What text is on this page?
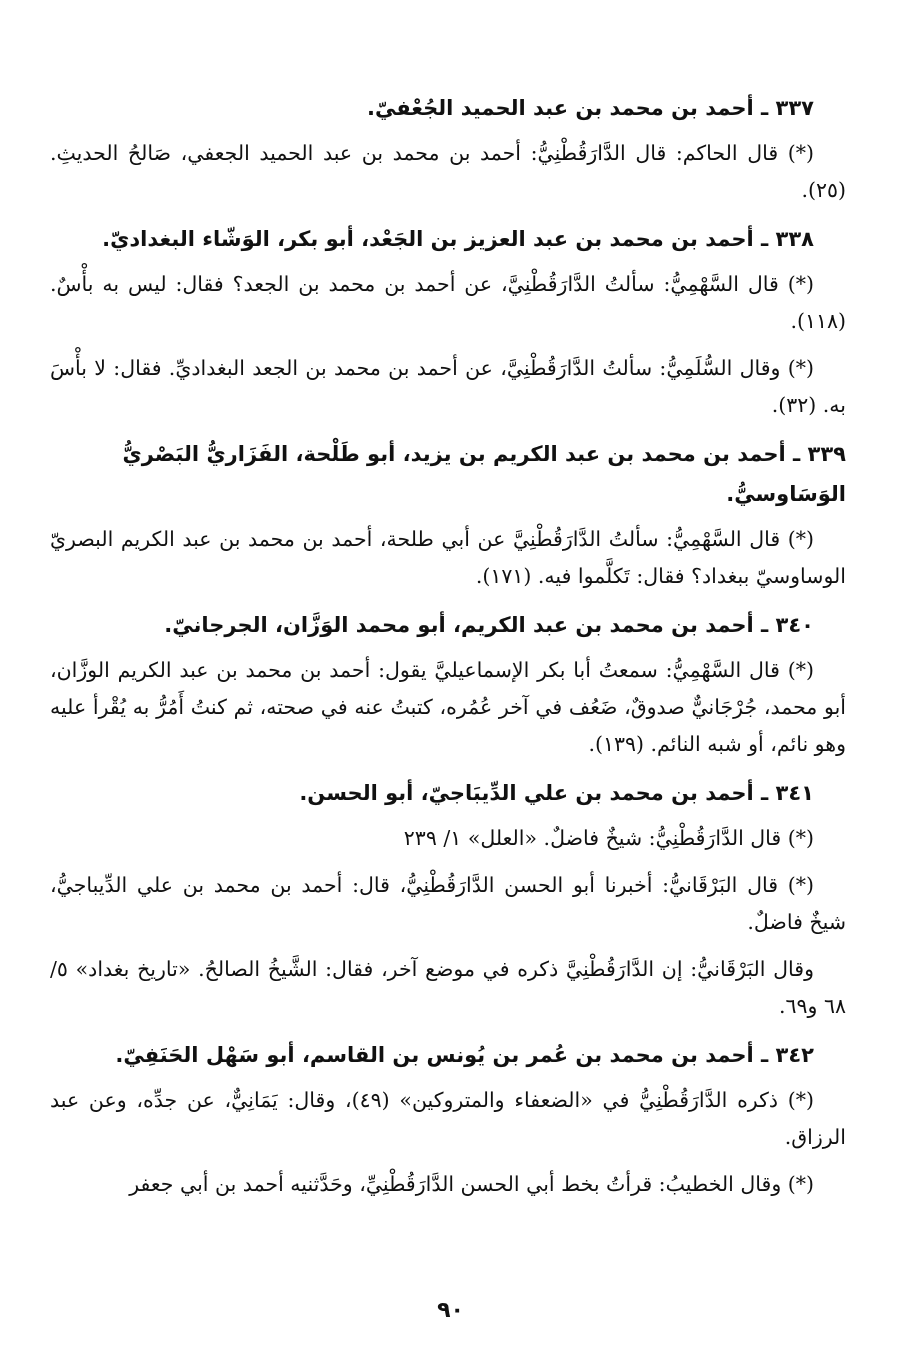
٣٣٧ ـ أحمد بن محمد بن عبد الحميد الجُعْفيّ.

(*) قال الحاكم: قال الدَّارَقُطْنِيُّ: أحمد بن محمد بن عبد الحميد الجعفي، صَالحُ الحديثِ. (٢٥).

٣٣٨ ـ أحمد بن محمد بن عبد العزيز بن الجَعْد، أبو بكر، الوَشّاء البغداديّ.

(*) قال السَّهْمِيُّ: سألتُ الدَّارَقُطْنِيَّ، عن أحمد بن محمد بن الجعد؟ فقال: ليس به بأْسٌ. (١١٨).

(*) وقال السُّلَمِيُّ: سألتُ الدَّارَقُطْنِيَّ، عن أحمد بن محمد بن الجعد البغداديِّ. فقال: لا بأْسَ به. (٣٢).

٣٣٩ ـ أحمد بن محمد بن عبد الكريم بن يزيد، أبو طَلْحة، الفَزَاريُّ البَصْريُّ الوَسَاوسيُّ.

(*) قال السَّهْمِيُّ: سألتُ الدَّارَقُطْنِيَّ عن أبي طلحة، أحمد بن محمد بن عبد الكريم البصريّ الوساوسيّ ببغداد؟ فقال: تَكلَّموا فيه. (١٧١).

٣٤٠ ـ أحمد بن محمد بن عبد الكريم، أبو محمد الوَزَّان، الجرجانيّ.

(*) قال السَّهْمِيُّ: سمعتُ أبا بكر الإسماعيليَّ يقول: أحمد بن محمد بن عبد الكريم الوزَّان، أبو محمد، جُرْجَانيٌّ صدوقٌ، ضَعُف في آخر عُمُره، كتبتُ عنه في صحته، ثم كنتُ أَمُرُّ به يُقْرأ عليه وهو نائم، أو شبه النائم. (١٣٩).

٣٤١ ـ أحمد بن محمد بن علي الدِّيبَاجيّ، أبو الحسن.

(*) قال الدَّارَقُطْنِيُّ: شيخٌ فاضلٌ. «العلل» ١/ ٢٣٩

(*) قال البَرْقَانيُّ: أخبرنا أبو الحسن الدَّارَقُطْنِيُّ، قال: أحمد بن محمد بن علي الدِّيباجيُّ، شيخٌ فاضلٌ.

وقال البَرْقَانيُّ: إن الدَّارَقُطْنِيَّ ذكره في موضع آخر، فقال: الشَّيخُ الصالحُ. «تاريخ بغداد» ٥/ ٦٨ و٦٩.

٣٤٢ ـ أحمد بن محمد بن عُمر بن يُونس بن القاسم، أبو سَهْل الحَنَفِيّ.

(*) ذكره الدَّارَقُطْنِيُّ في «الضعفاء والمتروكين» (٤٩)، وقال: يَمَانِيٌّ، عن جدِّه، وعن عبد الرزاق.

(*) وقال الخطيبُ: قرأتُ بخط أبي الحسن الدَّارَقُطْنِيِّ، وحَدَّثنيه أحمد بن أبي جعفر

٩٠
